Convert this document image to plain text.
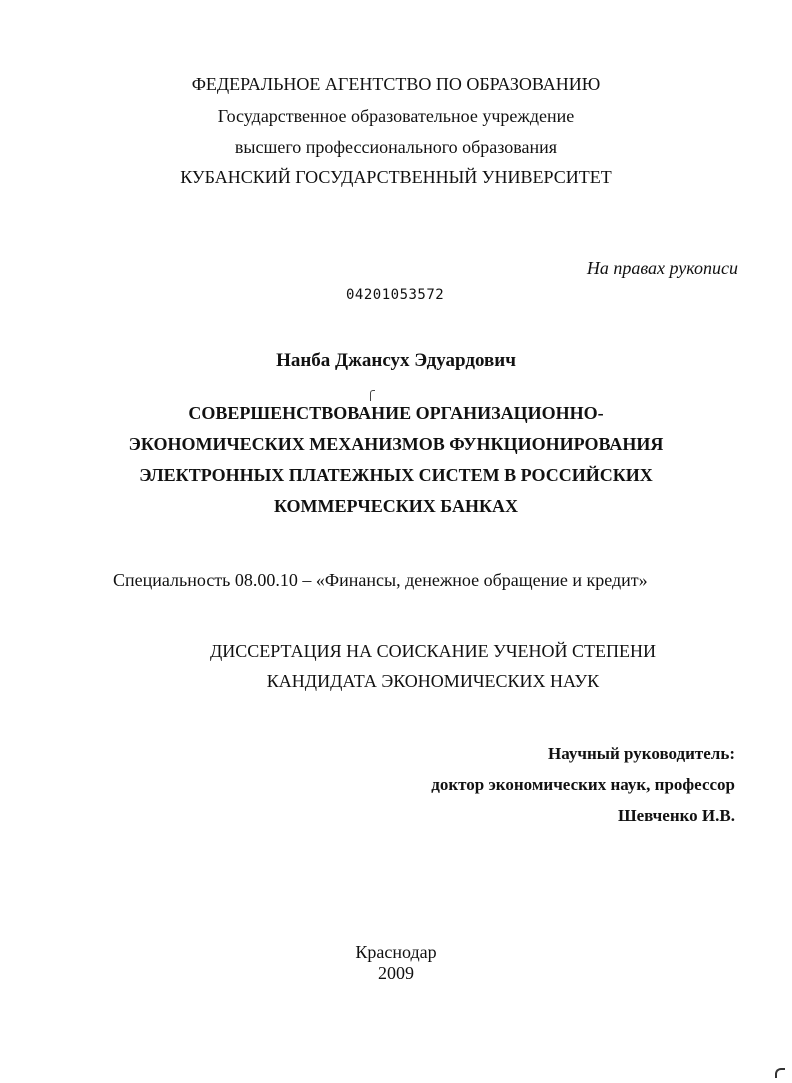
ФЕДЕРАЛЬНОЕ АГЕНТСТВО ПО ОБРАЗОВАНИЮ
Государственное образовательное учреждение
высшего профессионального образования
КУБАНСКИЙ ГОСУДАРСТВЕННЫЙ УНИВЕРСИТЕТ
На правах рукописи
04201053572
Нанба Джансух Эдуардович
СОВЕРШЕНСТВОВАНИЕ ОРГАНИЗАЦИОННО-
ЭКОНОМИЧЕСКИХ МЕХАНИЗМОВ ФУНКЦИОНИРОВАНИЯ
ЭЛЕКТРОННЫХ ПЛАТЕЖНЫХ СИСТЕМ В РОССИЙСКИХ
КОММЕРЧЕСКИХ БАНКАХ
Специальность 08.00.10 – «Финансы, денежное обращение и кредит»
ДИССЕРТАЦИЯ НА СОИСКАНИЕ УЧЕНОЙ СТЕПЕНИ
КАНДИДАТА ЭКОНОМИЧЕСКИХ НАУК
Научный руководитель:
доктор экономических наук, профессор
Шевченко И.В.
Краснодар
2009
